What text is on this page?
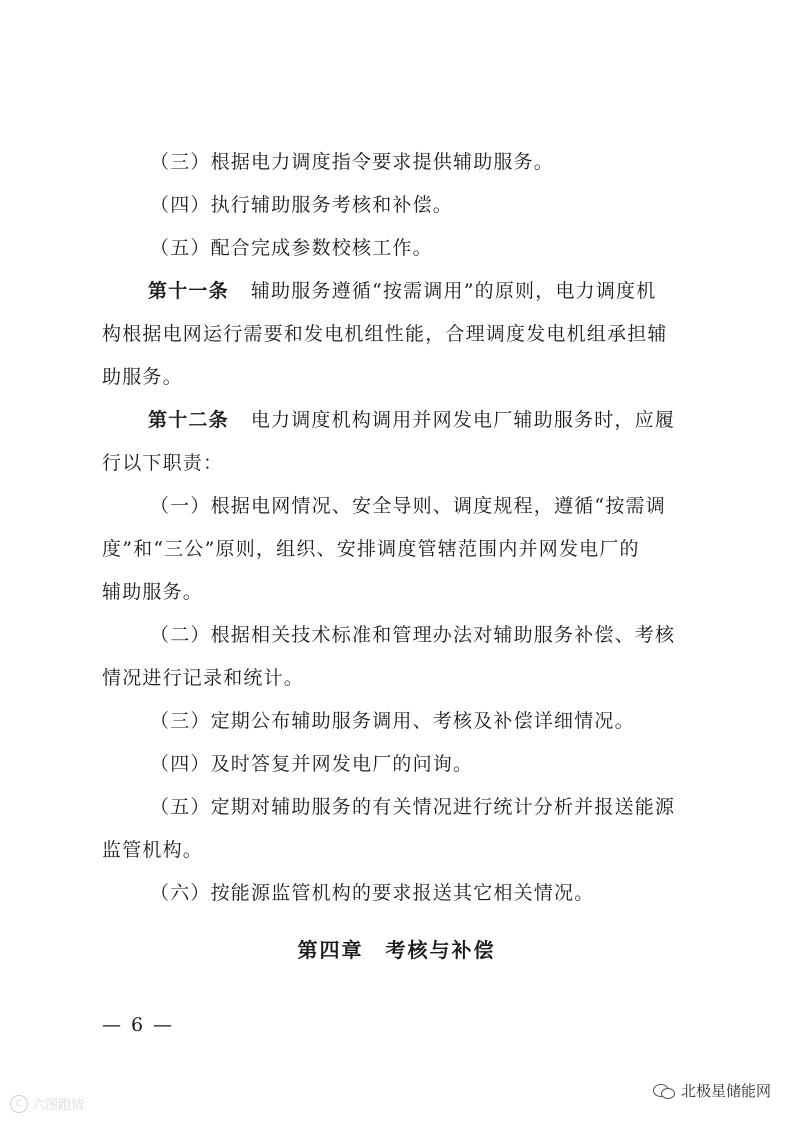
（三）根据电力调度指令要求提供辅助服务。
（四）执行辅助服务考核和补偿。
（五）配合完成参数校核工作。
第十一条 辅助服务遵循“按需调用”的原则，电力调度机
构根据电网运行需要和发电机组性能，合理调度发电机组承担辅
助服务。
第十二条 电力调度机构调用并网发电厂辅助服务时，应履
行以下职责：
（一）根据电网情况、安全导则、调度规程，遵循“按需调
度”和“三公”原则，组织、安排调度管辖范围内并网发电厂的
辅助服务。
（二）根据相关技术标准和管理办法对辅助服务补偿、考核
情况进行记录和统计。
（三）定期公布辅助服务调用、考核及补偿详细情况。
（四）及时答复并网发电厂的问询。
（五）定期对辅助服务的有关情况进行统计分析并报送能源
监管机构。
（六）按能源监管机构的要求报送其它相关情况。
第四章　考核与补偿
— 6 —
北极星储能网
C 六图跑情
